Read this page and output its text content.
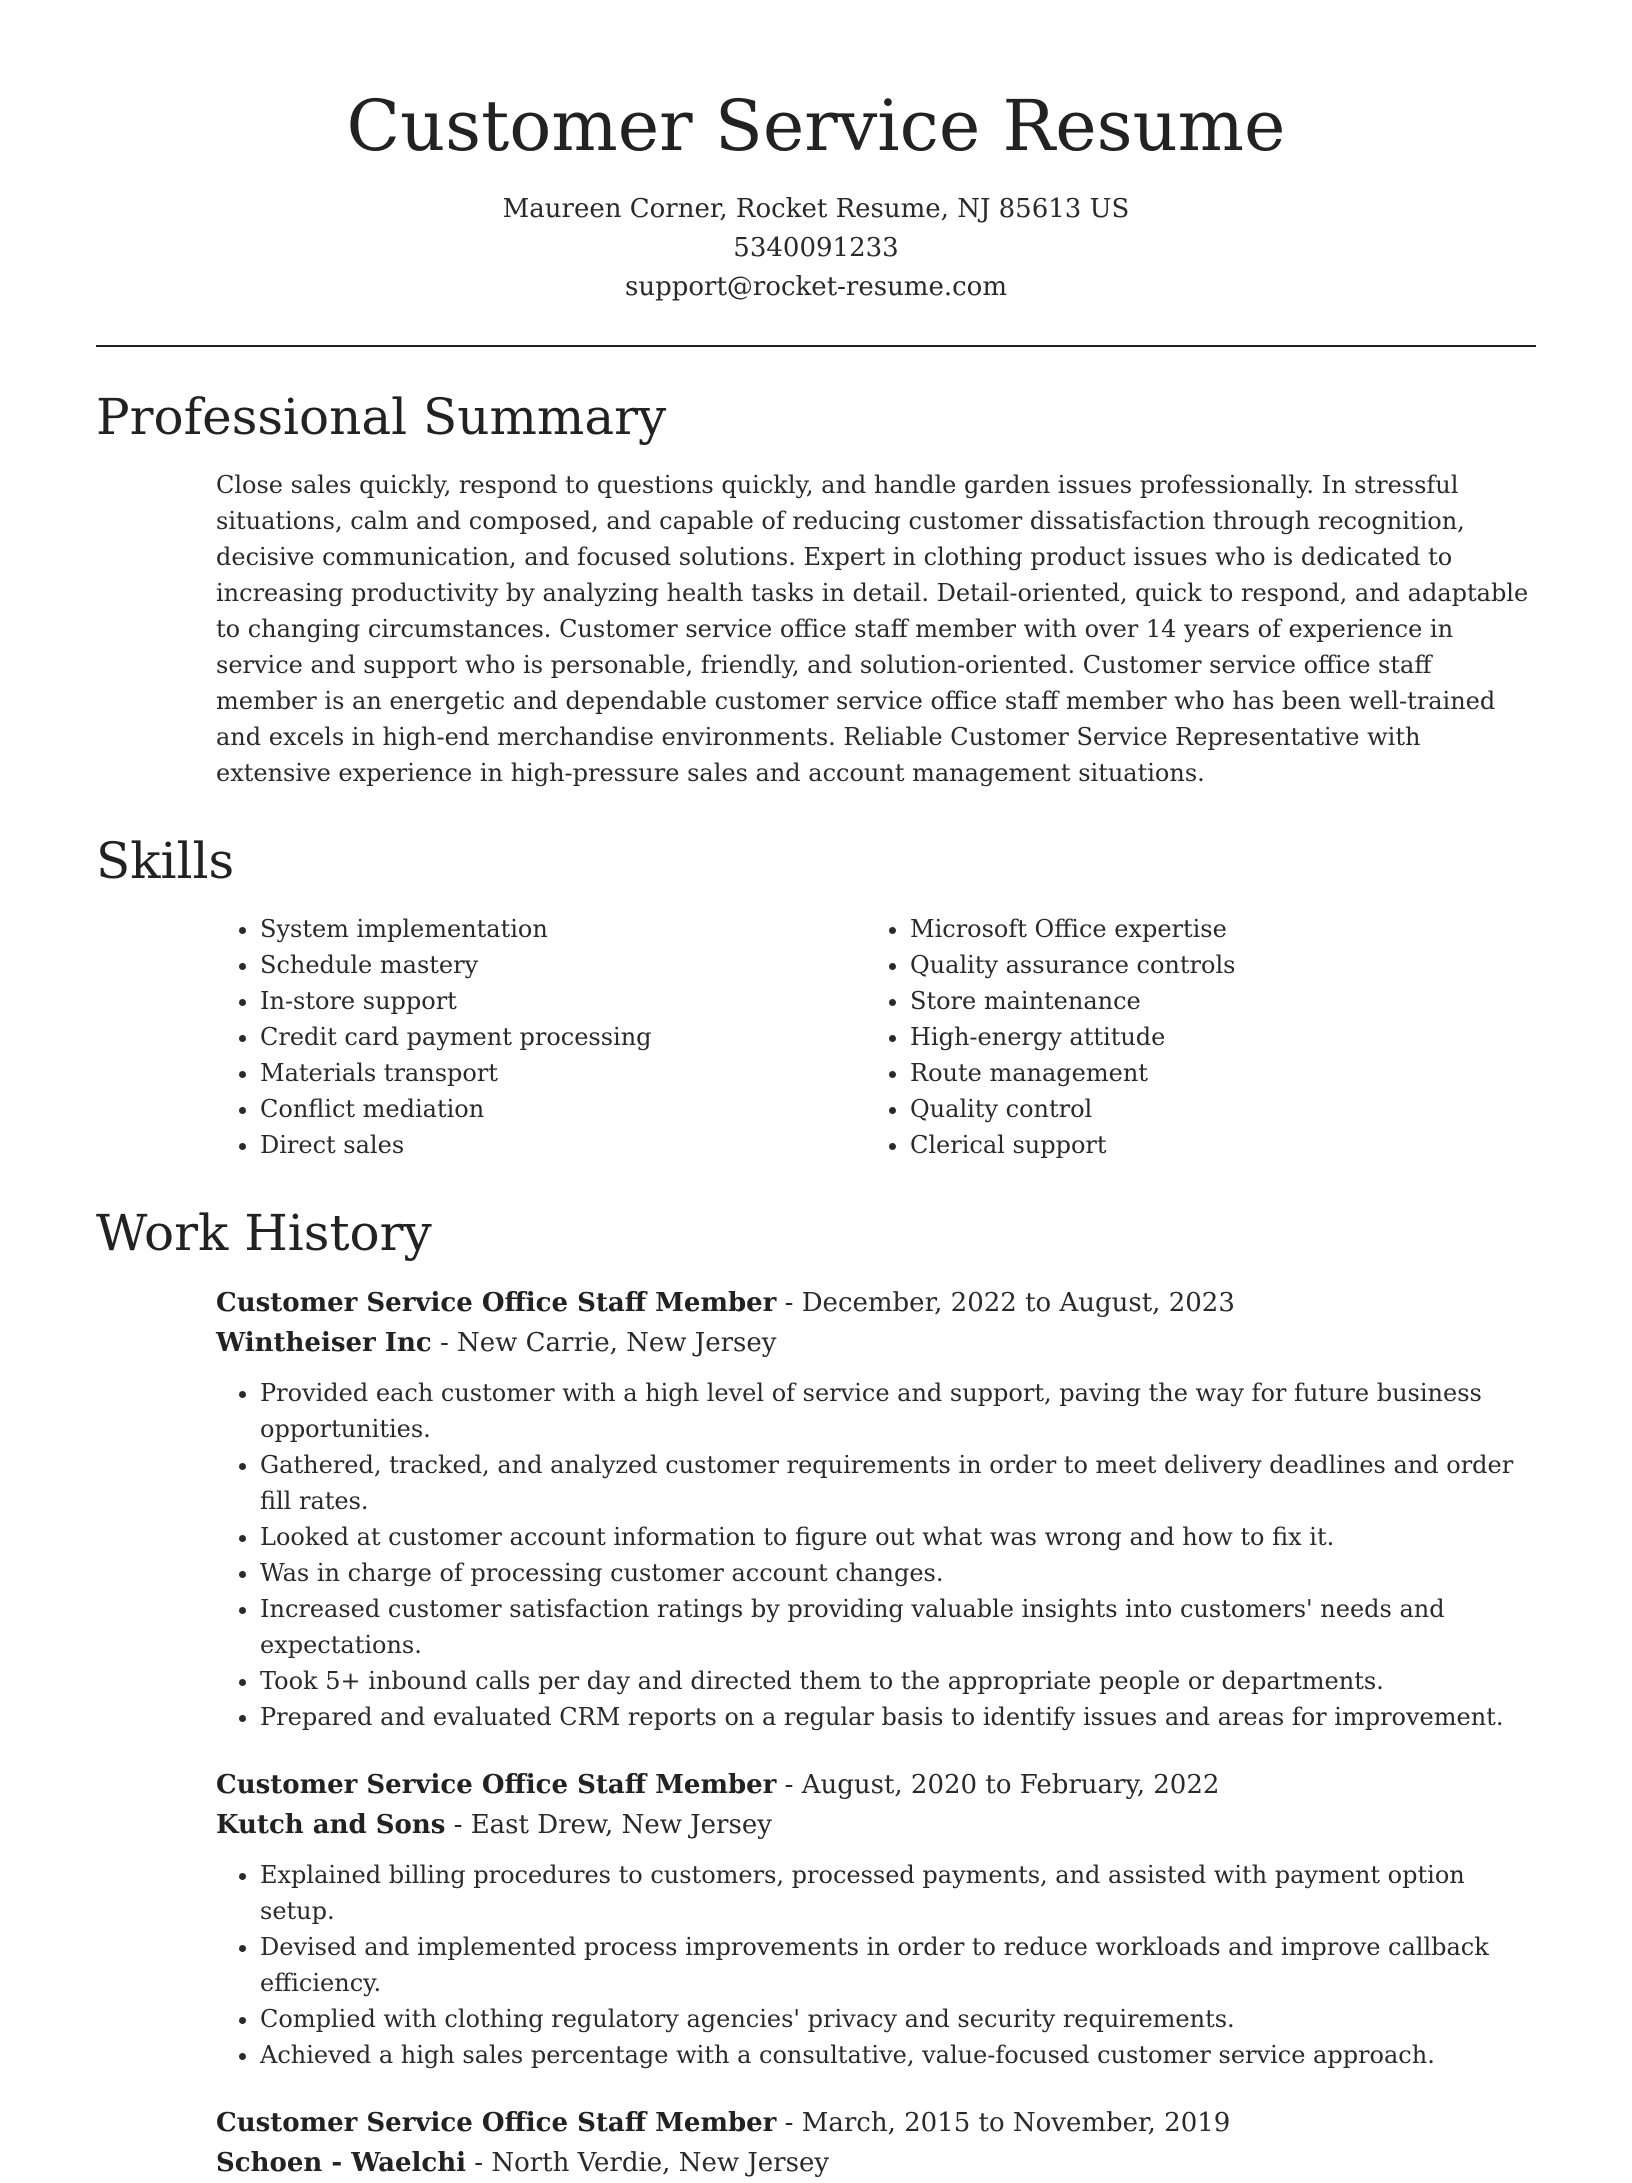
Customer Service Resume
Maureen Corner, Rocket Resume, NJ 85613 US
5340091233
support@rocket-resume.com
Professional Summary
Close sales quickly, respond to questions quickly, and handle garden issues professionally. In stressful situations, calm and composed, and capable of reducing customer dissatisfaction through recognition, decisive communication, and focused solutions. Expert in clothing product issues who is dedicated to increasing productivity by analyzing health tasks in detail. Detail-oriented, quick to respond, and adaptable to changing circumstances. Customer service office staff member with over 14 years of experience in service and support who is personable, friendly, and solution-oriented. Customer service office staff member is an energetic and dependable customer service office staff member who has been well-trained and excels in high-end merchandise environments. Reliable Customer Service Representative with extensive experience in high-pressure sales and account management situations.
Skills
• System implementation
• Schedule mastery
• In-store support
• Credit card payment processing
• Materials transport
• Conflict mediation
• Direct sales
• Microsoft Office expertise
• Quality assurance controls
• Store maintenance
• High-energy attitude
• Route management
• Quality control
• Clerical support
Work History
Customer Service Office Staff Member - December, 2022 to August, 2023
Wintheiser Inc - New Carrie, New Jersey
• Provided each customer with a high level of service and support, paving the way for future business opportunities.
• Gathered, tracked, and analyzed customer requirements in order to meet delivery deadlines and order fill rates.
• Looked at customer account information to figure out what was wrong and how to fix it.
• Was in charge of processing customer account changes.
• Increased customer satisfaction ratings by providing valuable insights into customers' needs and expectations.
• Took 5+ inbound calls per day and directed them to the appropriate people or departments.
• Prepared and evaluated CRM reports on a regular basis to identify issues and areas for improvement.
Customer Service Office Staff Member - August, 2020 to February, 2022
Kutch and Sons - East Drew, New Jersey
• Explained billing procedures to customers, processed payments, and assisted with payment option setup.
• Devised and implemented process improvements in order to reduce workloads and improve callback efficiency.
• Complied with clothing regulatory agencies' privacy and security requirements.
• Achieved a high sales percentage with a consultative, value-focused customer service approach.
Customer Service Office Staff Member - March, 2015 to November, 2019
Schoen - Waelchi - North Verdie, New Jersey
